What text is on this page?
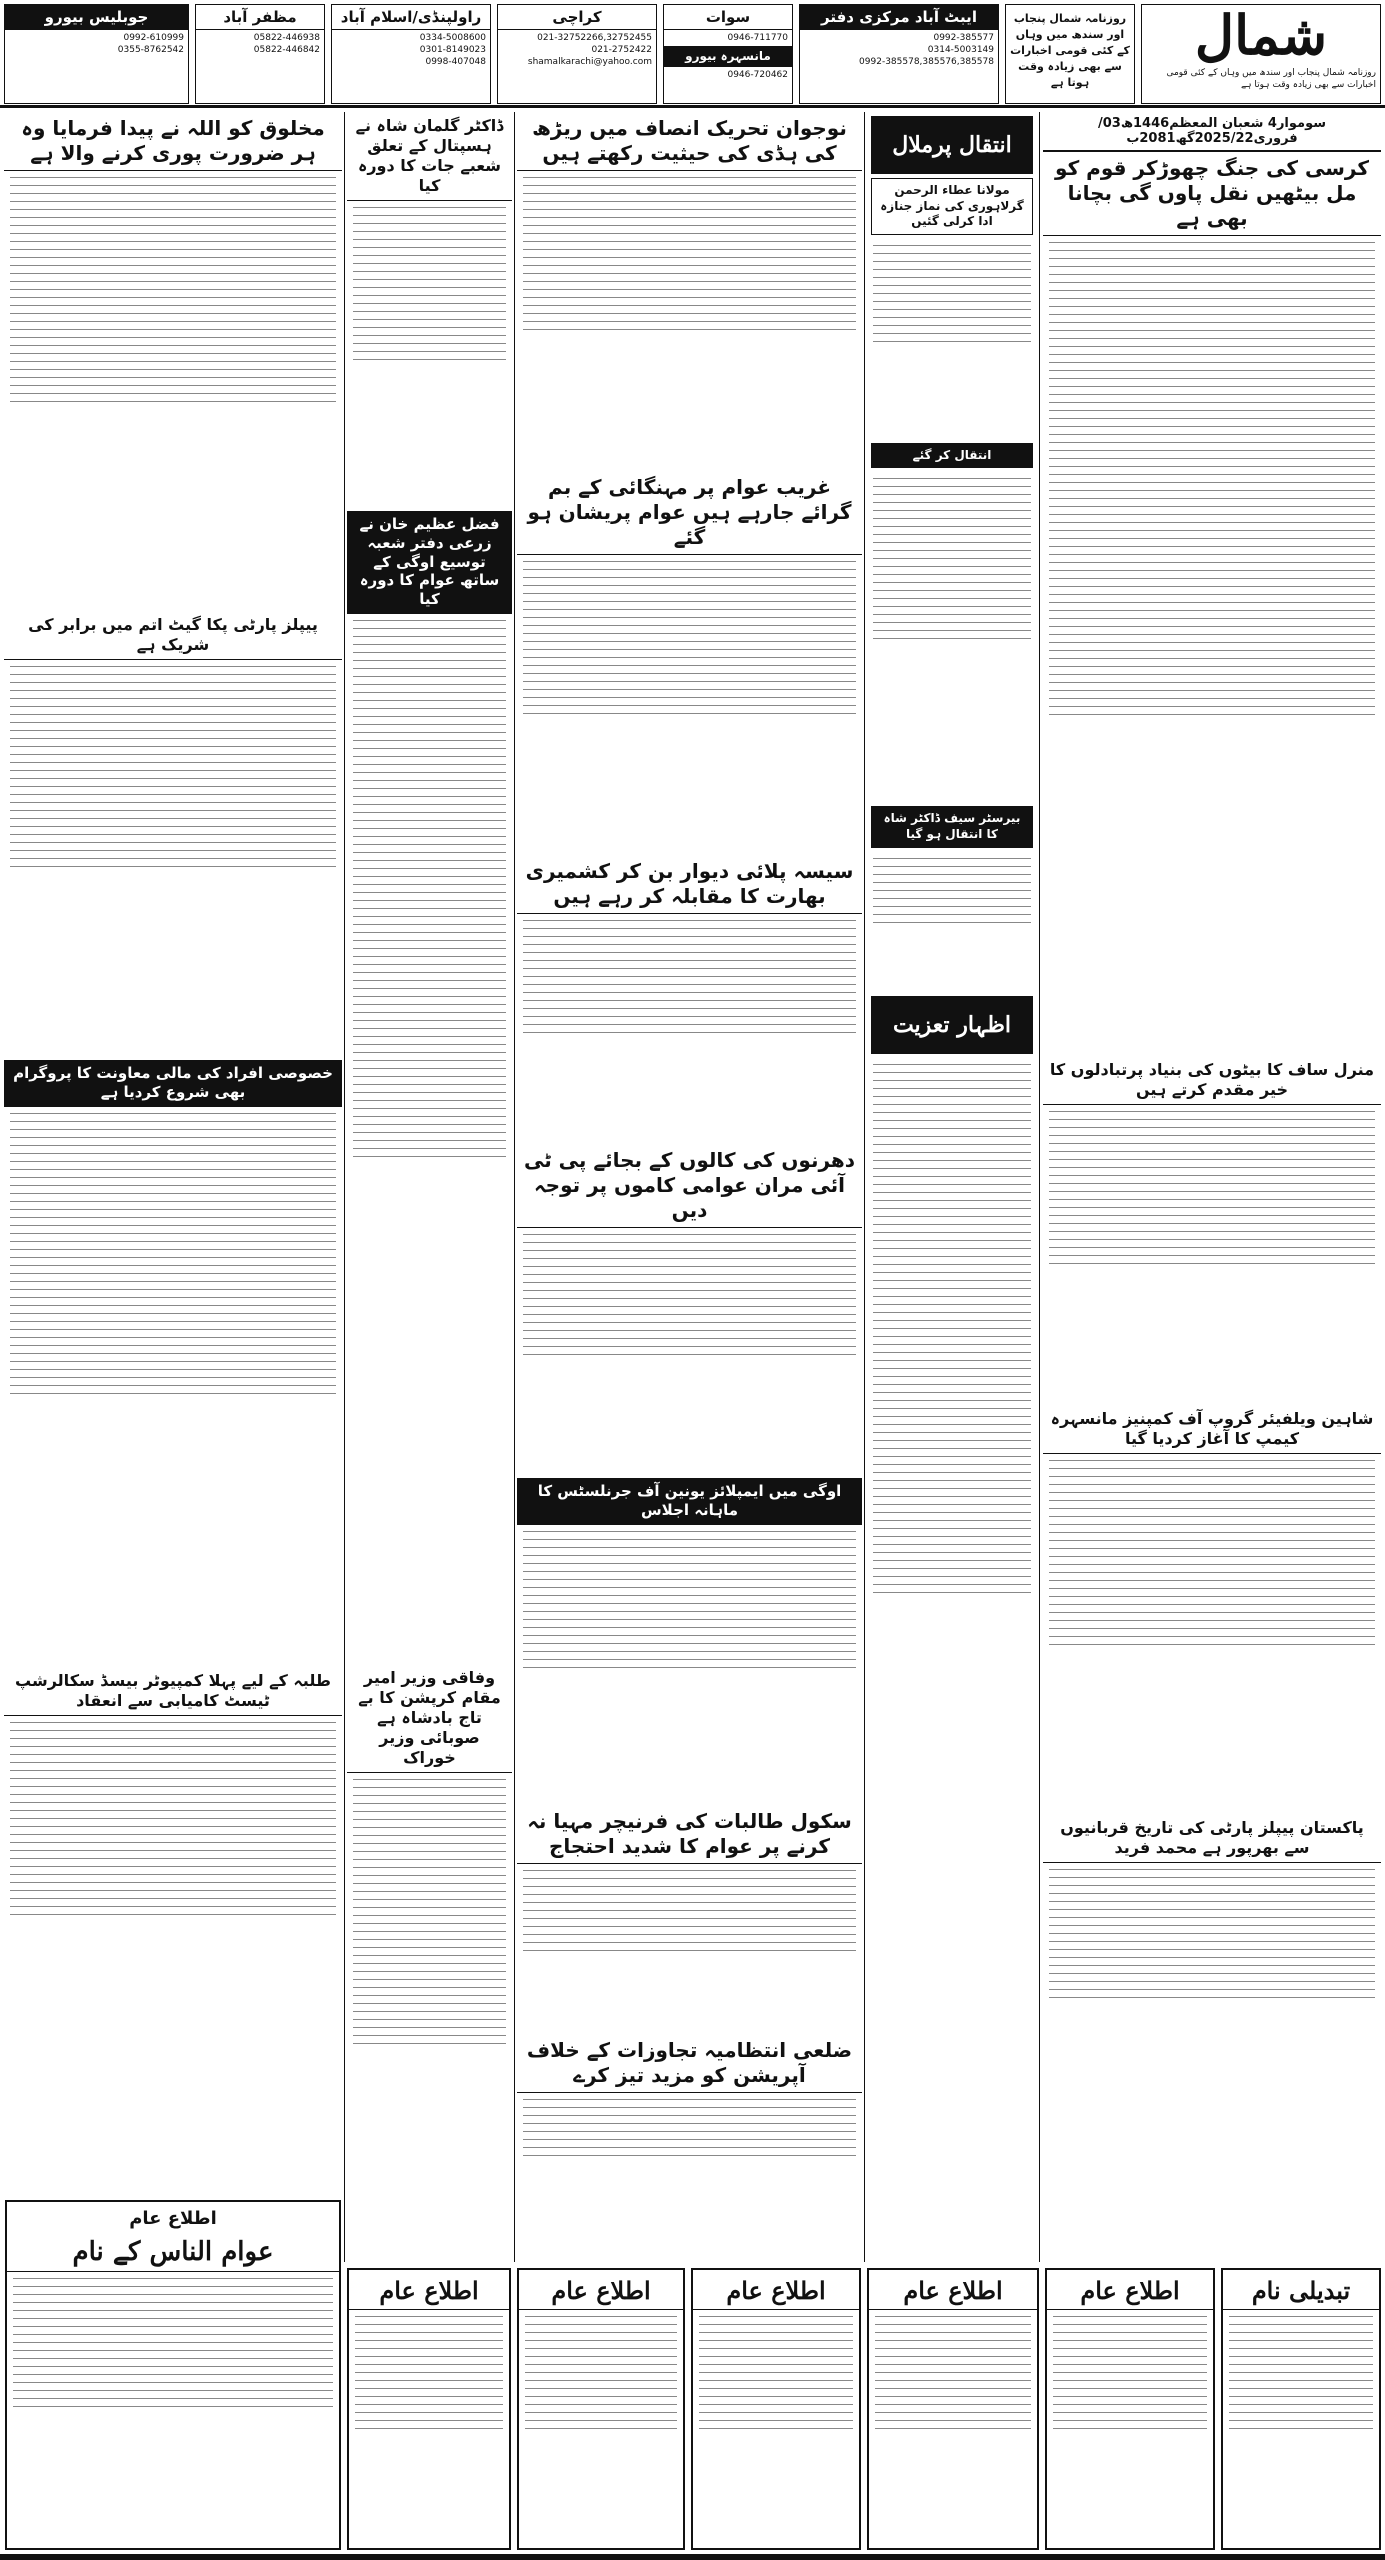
شمال
روزنامہ شمال پنجاب اور سندھ میں وہاں کے کئی قومی اخبارات سے بھی زیادہ وقت ہوتا ہے
روزنامہ شمال پنجاب اور سندھ میں وہاں کے کئی قومی اخبارات سے بھی زیادہ وقت ہوتا ہے
ایبٹ آباد مرکزی دفتر
0992-385577
0314-5003149
0992-385578,385576,385578
سوات
0946-711770
مانسہرہ بیورو
0946-720462
کراچی
021-32752266,32752455
021-2752422
shamalkarachi@yahoo.com
راولپنڈی/اسلام آباد
0334-5008600
0301-8149023
0998-407048
مظفر آباد
05822-446938
05822-446842
جوبلیس بیورو
0992-610999
0355-8762542
سوموار4 شعبان المعظم1446ھ03/فروری2025/22گھ2081ب
کرسی کی جنگ چھوڑکر قوم کو مل بیٹھیں نقل پاوں گی بچانا بھی ہے
منرل ساف کا بیٹوں کی بنیاد پرتبادلوں کا خیر مقدم کرتے ہیں
شاہین ویلفیئر گروپ آف کمپنیز مانسہرہ کیمپ کا آغاز کردیا گیا
پاکستان پیپلز پارٹی کی تاریخ قربانیوں سے بھرپور ہے محمد فرید
انتقال پرملال
مولانا عطاء الرحمن گرلاہوری کی نماز جنازہ ادا کرلی گئیں
انتقال کر گئے
بیرسٹر سیف ڈاکٹر شاہ کا انتقال ہو گیا
اظہار تعزیت
نوجوان تحریک انصاف میں ریڑھ کی ہڈی کی حیثیت رکھتے ہیں
غریب عوام پر مہنگائی کے بم گرائے جارہے ہیں عوام پریشان ہو گئے
سیسہ پلائی دیوار بن کر کشمیری بھارت کا مقابلہ کر رہے ہیں
دھرنوں کی کالوں کے بجائے پی ٹی آئی مران عوامی کاموں پر توجہ دیں
اوگی میں ایمپلائز یونین آف جرنلسٹس کا ماہانہ اجلاس
سکول طالبات کی فرنیچر مہیا نہ کرنے پر عوام کا شدید احتجاج
ضلعی انتظامیہ تجاوزات کے خلاف آپریشن کو مزید تیز کرے
ڈاکٹر گلمان شاہ نے ہسپتال کے تعلق شعبے جات کا دورہ کیا
فضل عظیم خان نے زرعی دفتر شعبہ توسیع اوگی کے ساتھ عوام کا دورہ کیا
وفاقی وزیر امیر مقام کرپشن کا بے تاج بادشاہ ہے صوبائی وزیر خوراک
مخلوق کو اللہ نے پیدا فرمایا وہ ہر ضرورت پوری کرنے والا ہے
پیپلز پارٹی پکا گیٹ اتم میں برابر کی شریک ہے
خصوصی افراد کی مالی معاونت کا پروگرام بھی شروع کردیا ہے
طلبہ کے لیے پہلا کمپیوٹر بیسڈ سکالرشپ ٹیسٹ کامیابی سے انعقاد
تبدیلی نام
اطلاع عام
اطلاع عام
اطلاع عام
اطلاع عام
اطلاع عام
اطلاع عام
عوام الناس کے نام
